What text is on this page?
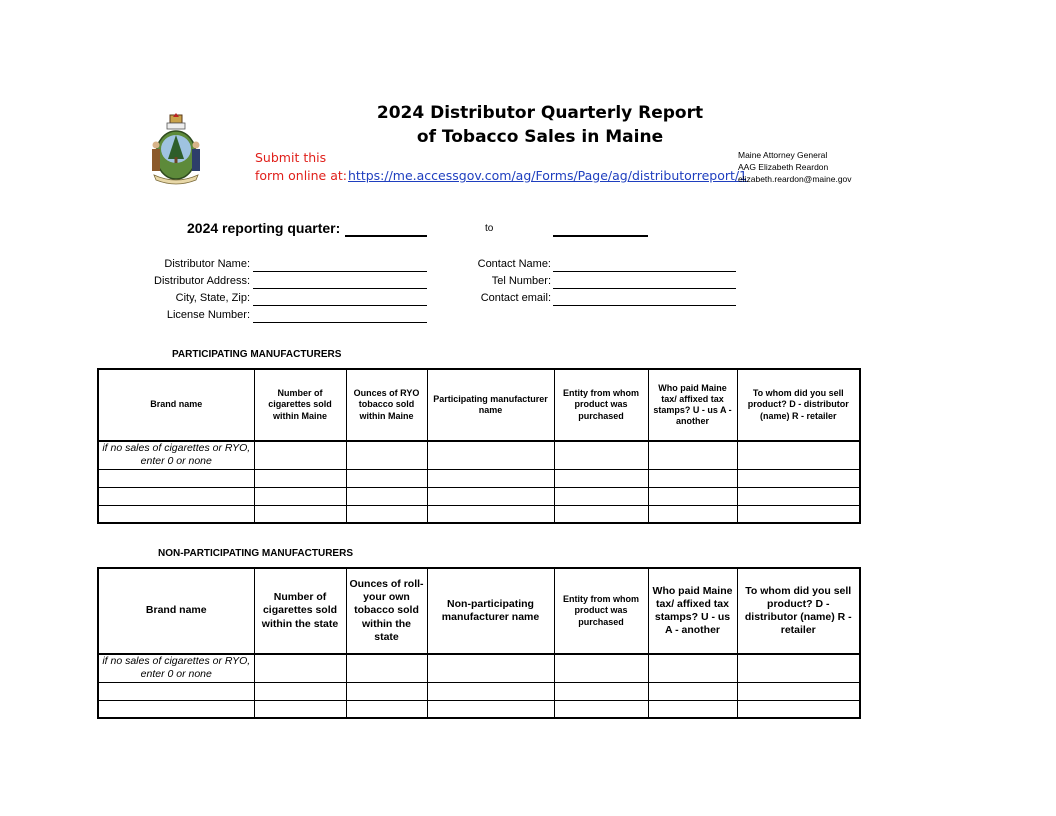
2024 Distributor Quarterly Report
of Tobacco Sales in Maine
Submit this
form online at: https://me.accessgov.com/ag/Forms/Page/ag/distributorreport/1
Maine Attorney General
AAG Elizabeth Reardon
elizabeth.reardon@maine.gov
2024 reporting quarter:	to
Distributor Name:
Distributor Address:
City, State, Zip:
License Number:
Contact Name:
Tel Number:
Contact email:
PARTICIPATING MANUFACTURERS
Brand name	Number of cigarettes sold within Maine	Ounces of RYO tobacco sold within Maine	Participating manufacturer name	Entity from whom product was purchased	Who paid Maine tax/ affixed tax stamps? U - us A - another	To whom did you sell product? D - distributor (name) R - retailer
if no sales of cigarettes or RYO, enter 0 or none						

NON-PARTICIPATING MANUFACTURERS
Brand name	Number of cigarettes sold within the state	Ounces of roll-your own tobacco sold within the state	Non-participating manufacturer name	Entity from whom product was purchased	Who paid Maine tax/ affixed tax stamps? U - us A - another	To whom did you sell product? D - distributor (name) R - retailer
if no sales of cigarettes or RYO, enter 0 or none						
